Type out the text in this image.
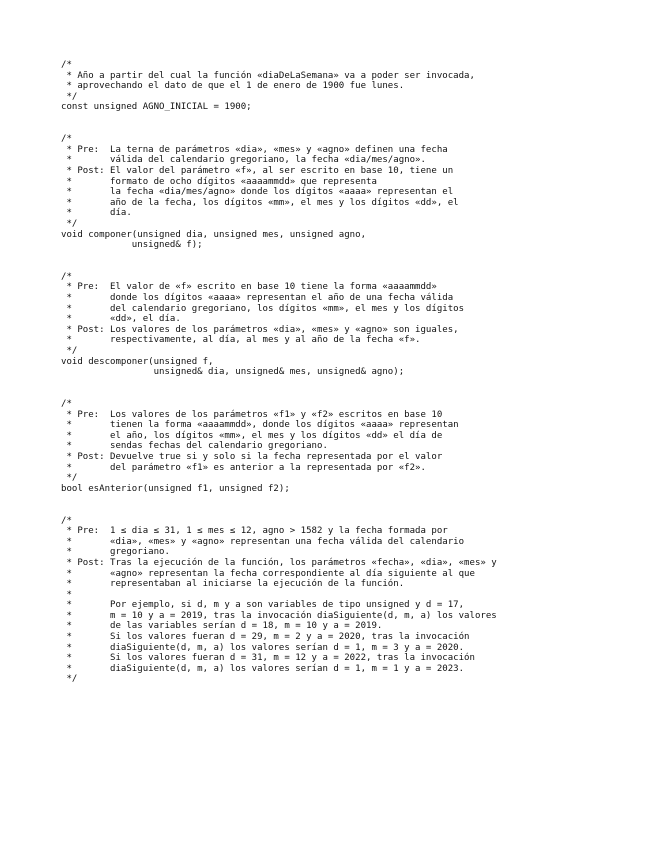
/*
* Año a partir del cual la función «diaDeLaSemana» va a poder ser invocada,
* aprovechando el dato de que el 1 de enero de 1900 fue lunes.
*/
const unsigned AGNO_INICIAL = 1900;
/*
* Pre:  La terna de parámetros «dia», «mes» y «agno» definen una fecha
*       válida del calendario gregoriano, la fecha «dia/mes/agno».
* Post: El valor del parámetro «f», al ser escrito en base 10, tiene un
*       formato de ocho dígitos «aaaammdd» que representa
*       la fecha «dia/mes/agno» donde los dígitos «aaaa» representan el
*       año de la fecha, los dígitos «mm», el mes y los dígitos «dd», el
*       día.
*/
void componer(unsigned dia, unsigned mes, unsigned agno,
unsigned& f);
/*
* Pre:  El valor de «f» escrito en base 10 tiene la forma «aaaammdd»
*       donde los dígitos «aaaa» representan el año de una fecha válida
*       del calendario gregoriano, los dígitos «mm», el mes y los dígitos
*       «dd», el día.
* Post: Los valores de los parámetros «dia», «mes» y «agno» son iguales,
*       respectivamente, al día, al mes y al año de la fecha «f».
*/
void descomponer(unsigned f,
unsigned& dia, unsigned& mes, unsigned& agno);
/*
* Pre:  Los valores de los parámetros «f1» y «f2» escritos en base 10
*       tienen la forma «aaaammdd», donde los dígitos «aaaa» representan
*       el año, los dígitos «mm», el mes y los dígitos «dd» el día de
*       sendas fechas del calendario gregoriano.
* Post: Devuelve true si y solo si la fecha representada por el valor
*       del parámetro «f1» es anterior a la representada por «f2».
*/
bool esAnterior(unsigned f1, unsigned f2);
/*
* Pre:  1 ≤ dia ≤ 31, 1 ≤ mes ≤ 12, agno > 1582 y la fecha formada por
*       «dia», «mes» y «agno» representan una fecha válida del calendario
*       gregoriano.
* Post: Tras la ejecución de la función, los parámetros «fecha», «dia», «mes» y
*       «agno» representan la fecha correspondiente al día siguiente al que
*       representaban al iniciarse la ejecución de la función.
*
*       Por ejemplo, si d, m y a son variables de tipo unsigned y d = 17,
*       m = 10 y a = 2019, tras la invocación diaSiguiente(d, m, a) los valores
*       de las variables serían d = 18, m = 10 y a = 2019.
*       Si los valores fueran d = 29, m = 2 y a = 2020, tras la invocación
*       diaSiguiente(d, m, a) los valores serían d = 1, m = 3 y a = 2020.
*       Si los valores fueran d = 31, m = 12 y a = 2022, tras la invocación
*       diaSiguiente(d, m, a) los valores serían d = 1, m = 1 y a = 2023.
*/
